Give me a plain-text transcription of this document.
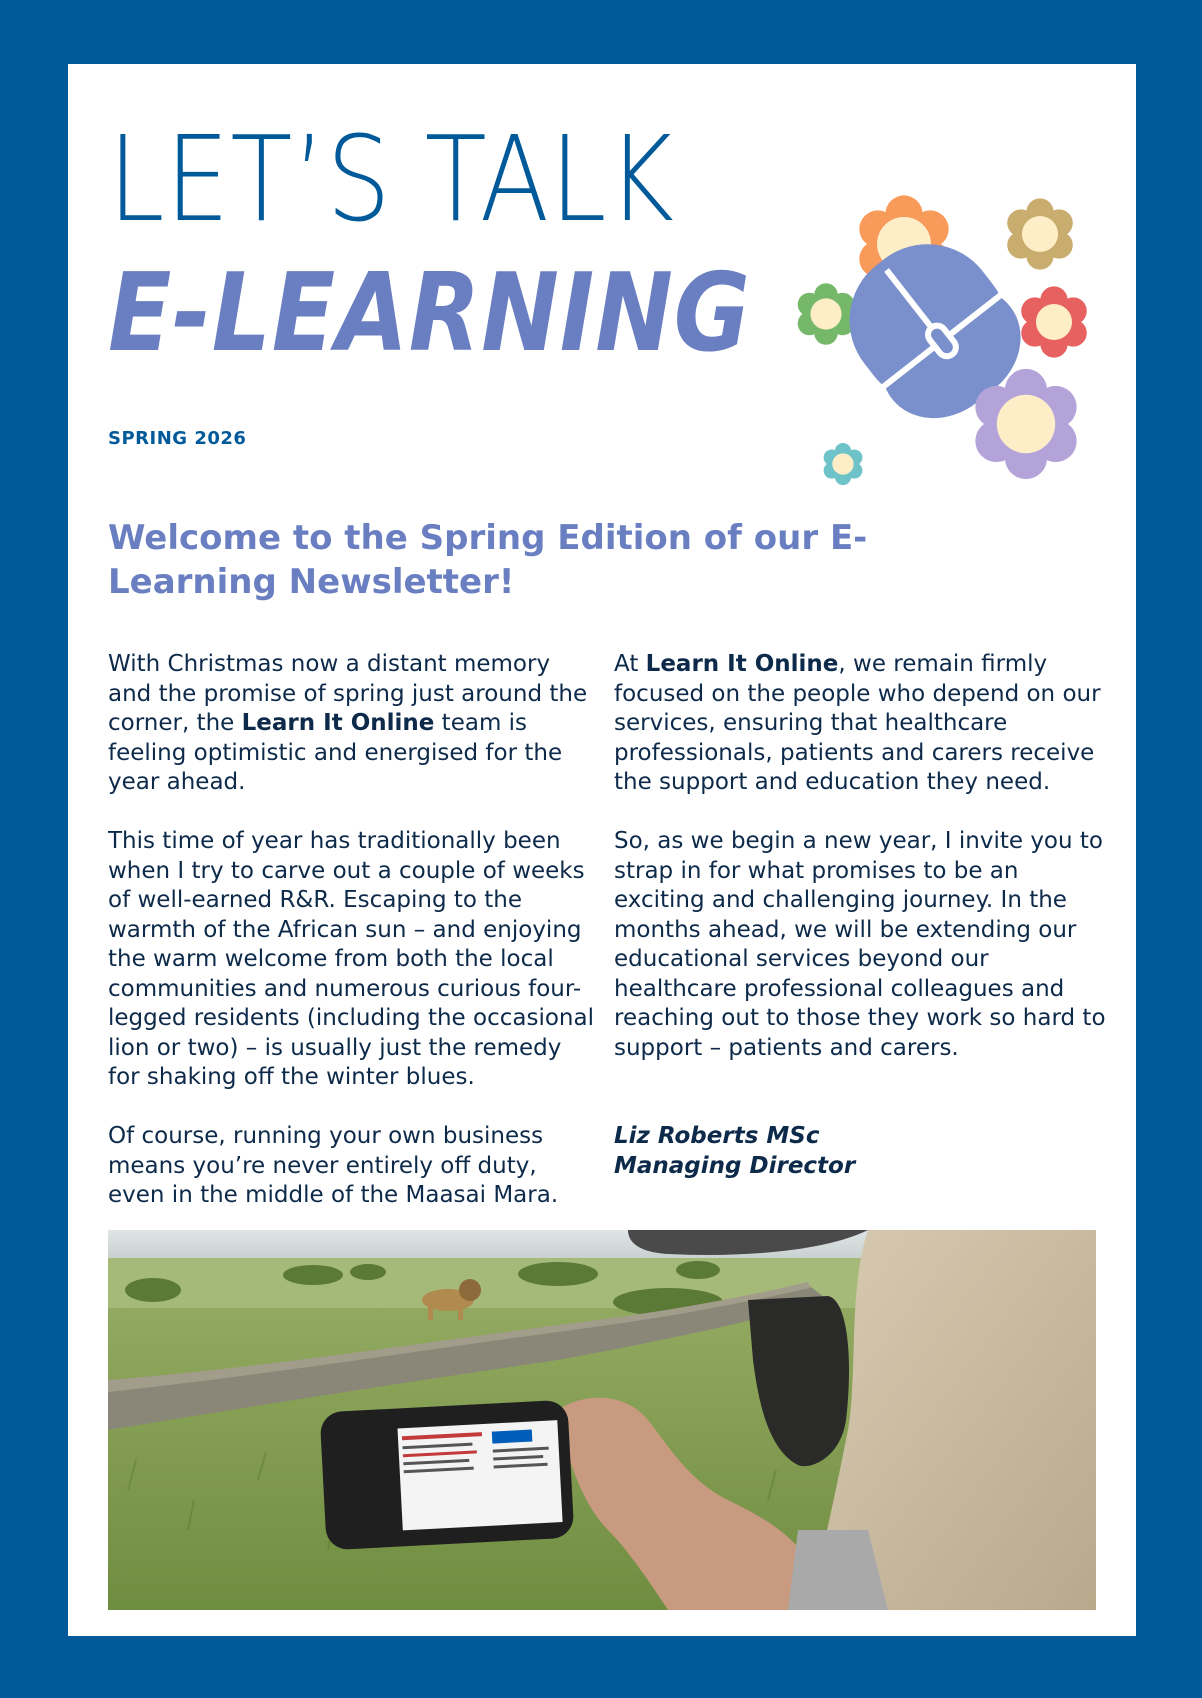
LET’S TALK
E-LEARNING
SPRING 2026
Welcome to the Spring Edition of our E-Learning Newsletter!

With Christmas now a distant memory and the promise of spring just around the corner, the Learn It Online team is feeling optimistic and energised for the year ahead.

This time of year has traditionally been when I try to carve out a couple of weeks of well-earned R&R. Escaping to the warmth of the African sun – and enjoying the warm welcome from both the local communities and numerous curious four-legged residents (including the occasional lion or two) – is usually just the remedy for shaking off the winter blues.

Of course, running your own business means you’re never entirely off duty, even in the middle of the Maasai Mara.

At Learn It Online, we remain firmly focused on the people who depend on our services, ensuring that healthcare professionals, patients and carers receive the support and education they need.

So, as we begin a new year, I invite you to strap in for what promises to be an exciting and challenging journey. In the months ahead, we will be extending our educational services beyond our healthcare professional colleagues and reaching out to those they work so hard to support – patients and carers.

Liz Roberts MSc
Managing Director
